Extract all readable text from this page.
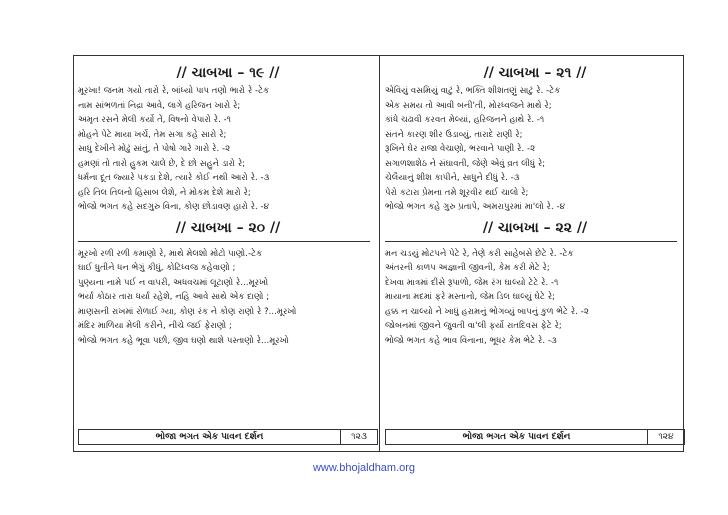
// ચાબખા – ૧૯ //
મૂરખા! જનમ ગયો તારો રે, બાંધ્યો પાપ તણો ભારો રે -ટેક
નામ સાંભળતાં નિદ્રા આવે, લાગે હરિજન ખારો રે;
અમૃત રસને મેલી કર્યો તેં, વિષનો વેપારો રે. -૧
મોહને પેટે માયા ખર્ચે, તેમ સગા કહે સારો રે;
સાધુ દેખીને મોઢું સાંતું, તે પોષો ગારે ગારો રે. -૨
હમણાં તો તારો હુકમ ચાલે છે, દે છો સહુને ડારો રે;
ધર્મના દૂત જ્યારે પકડા દેશે, ત્યારે કોઈ નથી આરો રે. -૩
હરિ તિલ તિલનો હિસાબ લેશે, ને મોકમ દેશે મારો રે;
ભોજો ભગત કહે સદગુરુ વિના, કોણ છોડાવણ હારો રે. -૪
// ચાબખા – ૨૦ //
મૂરખો રળી રળી કમાણો રે, માથે મેલશો મોટો પાણો.-ટેક
ઘાઈ ધુતીને ધન ભેગું કીધું, કોટિધ્વજ કહેવાણો ;
પુણ્યના નામે પઈ ન વાપરી, અધવચમાં લૂટાણો રે...મૂરખો
ભર્યા કોઠાર તારા ધર્યા રહેશે, નહિ આવે સાથે એક દાણો ;
માણસની રાખમાં રોળાઈ ગ્યા, કોણ રંક ને કોણ રાણો રે ?...મૂરખો
મંદિર માળિયા મેલી કરીને, નીચે જઈ ફેરાણો ;
ભોજો ભગત કહે ભૂવા પછી, જીવ ઘણો થાશે પસ્તાણો રે...મૂરખો
ભોજા ભગત એક પાવન દર્શન	૧૨૩
// ચાબખા – ૨૧ //
એવિયું વસમિયું વાટું રે, ભક્તિ શીશતણું સાટું રે. -ટેક
એક સમય તો આવી બની'તી, મોરધ્વજને માથે રે;
કાંધે ચઢાવી કરવત મેલ્યાં, હરિજનને હાથે રે. -૧
સંતને કારણ શીર ઉડાવ્યું, તારાદે રાણી રે;
રૂખિને ઘેર રાજા વેચાણો, ભરવાને પાણી રે. -૨
સગાળશાશેઠ ને સંઘાવતી, જેણે એવું વ્રત લીધું રે;
ચેલૈયાનું શીશ કાપીને, સાધુને દીધું રે. -૩
પેરો કટારા પ્રેમના તમે શૂરવીર થઈ ચાલો રે;
ભોજો ભગત કહે ગુરુ પ્રતાપે, અમરાપુરમાં મા'લો રે. -૪
// ચાબખા – ૨૨ //
મન ચડયું મોટપને પેટે રે, તેણે કરી સાહેબસે છેટે રે. -ટેક
અંતરની કાળપ અજ્ઞાની જીવની, કેમ કરી મેટે રે;
દેખવા માત્રમાં દીસે રૂપાળો, જેમ રંગ ઘાલ્યો ટેટે રે. -૧
માયાના મદમાં ફરે મસ્તાનો, જેમ ડિલ ઘાલ્યું ઘેટે રે;
હક્ક ન ચાલ્યો ને ખાધું હરામનું ભોગવ્યું બાપનું કુળ ભેટે રે. -૨
જોબનમાં જીવને જુવતી વા'લી ફર્યો રાતદિવસ ફેટે રે;
ભોજો ભગત કહે ભાવ વિનાના, ભૂધર કેમ ભેટે રે. -૩
ભોજા ભગત એક પાવન દર્શન	૧૨૪
www.bhojaldham.org
